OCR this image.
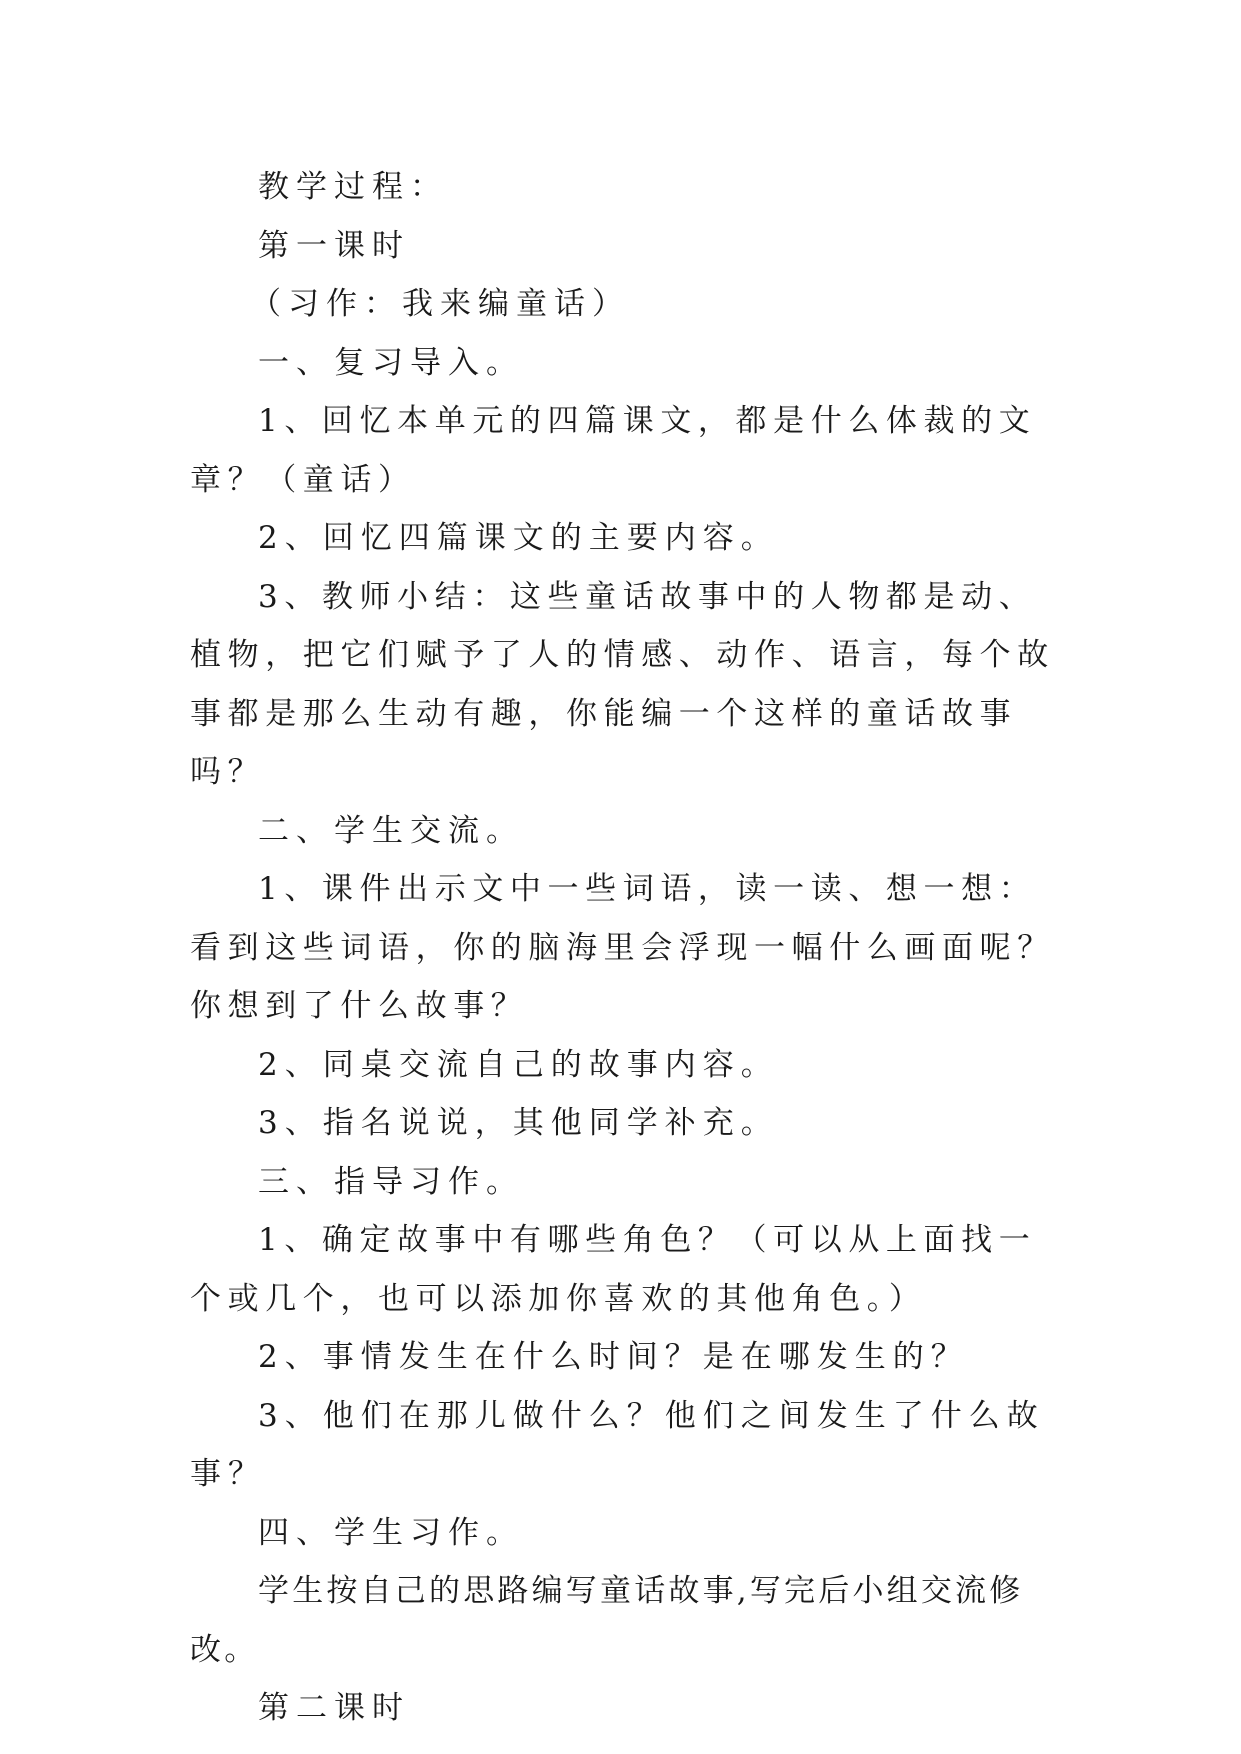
教学过程：

第一课时

（习作：我来编童话）

一、复习导入。

1、回忆本单元的四篇课文，都是什么体裁的文章？（童话）

2、回忆四篇课文的主要内容。

3、教师小结：这些童话故事中的人物都是动、植物，把它们赋予了人的情感、动作、语言，每个故事都是那么生动有趣，你能编一个这样的童话故事吗？

二、学生交流。

1、课件出示文中一些词语，读一读、想一想：看到这些词语，你的脑海里会浮现一幅什么画面呢？你想到了什么故事？

2、同桌交流自己的故事内容。

3、指名说说，其他同学补充。

三、指导习作。

1、确定故事中有哪些角色？（可以从上面找一个或几个，也可以添加你喜欢的其他角色。）

2、事情发生在什么时间？是在哪发生的？

3、他们在那儿做什么？他们之间发生了什么故事？

四、学生习作。

学生按自己的思路编写童话故事,写完后小组交流修改。

第二课时
